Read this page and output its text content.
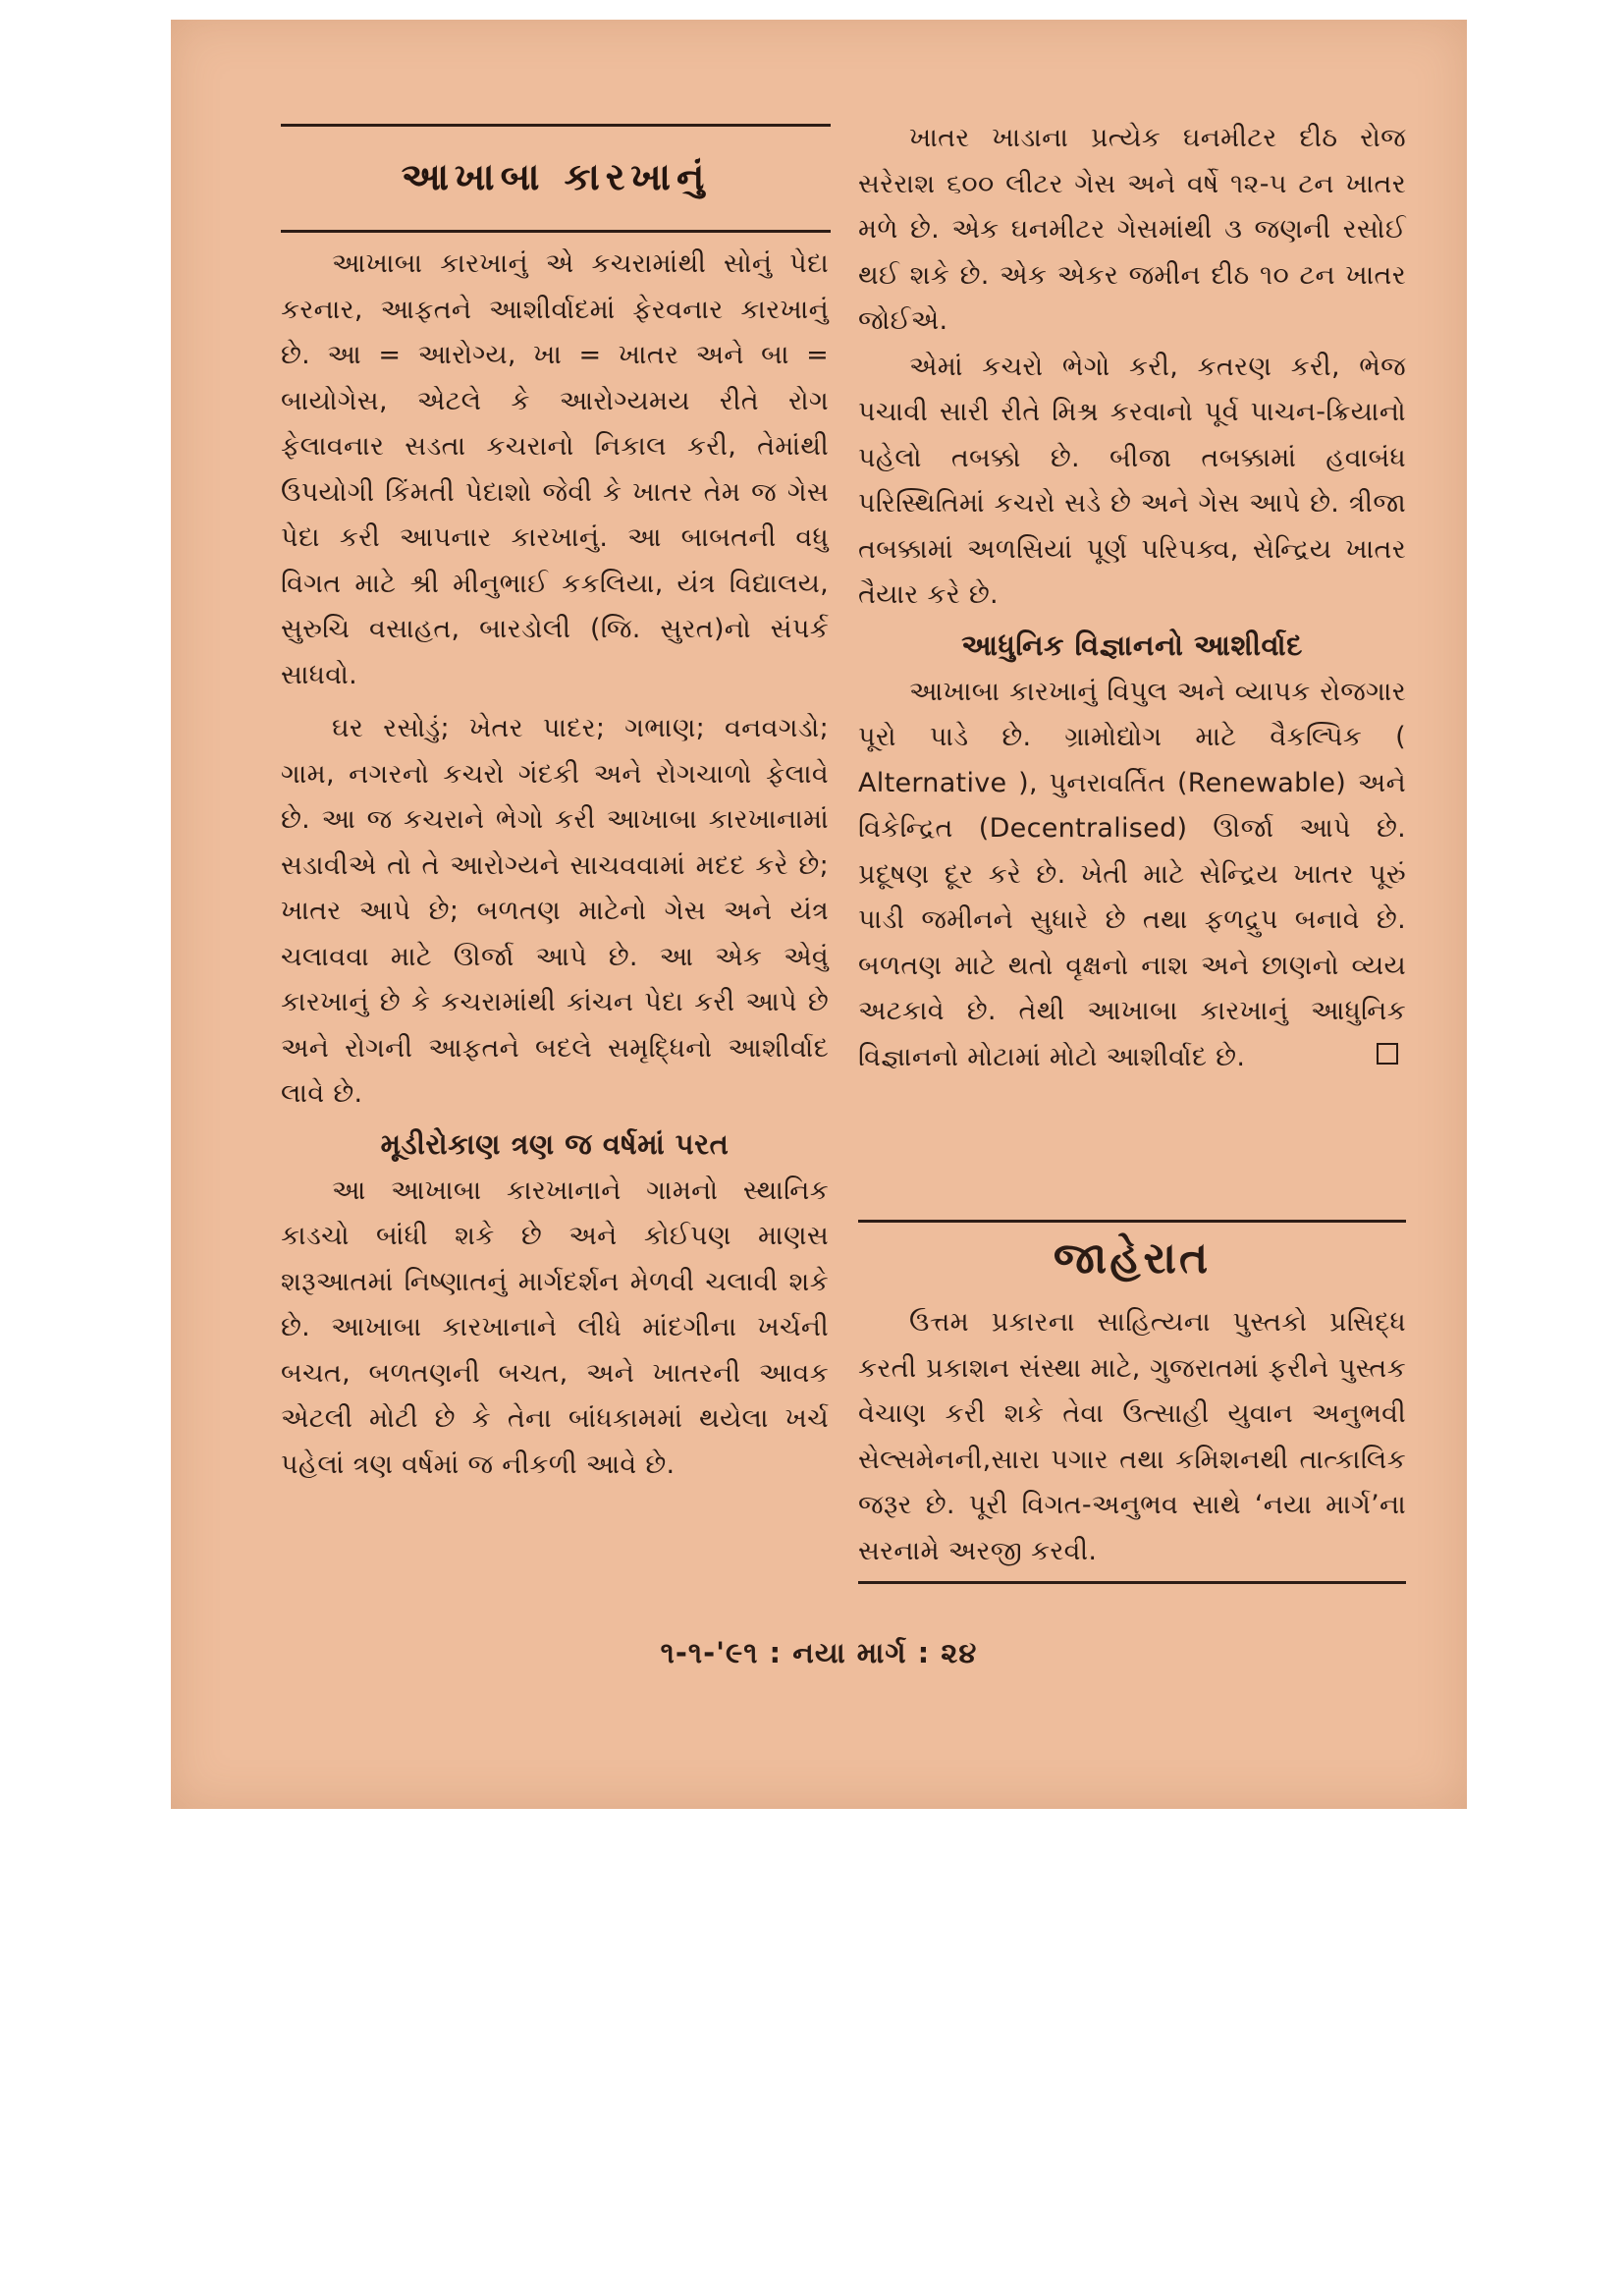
આખાબા કારખાનું

આખાબા કારખાનું એ કચરામાંથી સોનું પેદા કરનાર, આફતને આશીર્વાદમાં ફેરવનાર કારખાનું છે. આ = આરોગ્ય, ખા = ખાતર અને બા = બાયોગેસ, એટલે કે આરોગ્યમય રીતે રોગ ફેલાવનાર સડતા કચરાનો નિકાલ કરી, તેમાંથી ઉપયોગી કિંમતી પેદાશો જેવી કે ખાતર તેમ જ ગેસ પેદા કરી આપનાર કારખાનું. આ બાબતની વધુ વિગત માટે શ્રી મીનુભાઈ કકલિયા, યંત્ર વિદ્યાલય, સુરુચિ વસાહત, બારડોલી (જિ. સુરત)નો સંપર્ક સાધવો.

ઘર રસોડું; ખેતર પાદર; ગભાણ; વનવગડો; ગામ, નગરનો કચરો ગંદકી અને રોગચાળો ફેલાવે છે. આ જ કચરાને ભેગો કરી આખાબા કારખાનામાં સડાવીએ તો તે આરોગ્યને સાચવવામાં મદદ કરે છે; ખાતર આપે છે; બળતણ માટેનો ગેસ અને યંત્ર ચલાવવા માટે ઊર્જા આપે છે. આ એક એવું કારખાનું છે કે કચરામાંથી કાંચન પેદા કરી આપે છે અને રોગની આફતને બદલે સમૃદ્ધિનો આશીર્વાદ લાવે છે.

મૂડીરોકાણ ત્રણ જ વર્ષમાં પરત

આ આખાબા કારખાનાને ગામનો સ્થાનિક કાડચો બાંધી શકે છે અને કોઈપણ માણસ શરૂઆતમાં નિષ્ણાતનું માર્ગદર્શન મેળવી ચલાવી શકે છે. આખાબા કારખાનાને લીધે માંદગીના ખર્ચની બચત, બળતણની બચત, અને ખાતરની આવક એટલી મોટી છે કે તેના બાંધકામમાં થયેલા ખર્ચ પહેલાં ત્રણ વર્ષમાં જ નીકળી આવે છે.

ખાતર ખાડાના પ્રત્યેક ઘનમીટર દીઠ રોજ સરેરાશ ૬૦૦ લીટર ગેસ અને વર્ષે ૧૨-૫ ટન ખાતર મળે છે. એક ઘનમીટર ગેસમાંથી ૩ જણની રસોઈ થઈ શકે છે. એક એકર જમીન દીઠ ૧૦ ટન ખાતર જોઈએ.

એમાં કચરો ભેગો કરી, કતરણ કરી, ભેજ પચાવી સારી રીતે મિશ્ર કરવાનો પૂર્વ પાચન-ક્રિયાનો પહેલો તબક્કો છે. બીજા તબક્કામાં હવાબંધ પરિસ્થિતિમાં કચરો સડે છે અને ગેસ આપે છે. ત્રીજા તબક્કામાં અળસિયાં પૂર્ણ પરિપક્વ, સેન્દ્રિય ખાતર તૈયાર કરે છે.

આધુનિક વિજ્ઞાનનો આશીર્વાદ

આખાબા કારખાનું વિપુલ અને વ્યાપક રોજગાર પૂરો પાડે છે. ગ્રામોદ્યોગ માટે વૈકલ્પિક ( Alternative ), પુનરાવર્તિત (Renewable) અને વિકેન્દ્રિત (Decentralised) ઊર્જા આપે છે. પ્રદૂષણ દૂર કરે છે. ખેતી માટે સેન્દ્રિય ખાતર પૂરું પાડી જમીનને સુધારે છે તથા ફળદ્રુપ બનાવે છે. બળતણ માટે થતો વૃક્ષનો નાશ અને છાણનો વ્યય અટકાવે છે. તેથી આખાબા કારખાનું આધુનિક વિજ્ઞાનનો મોટામાં મોટો આશીર્વાદ છે.

જાહેરાત

ઉત્તમ પ્રકારના સાહિત્યના પુસ્તકો પ્રસિદ્ધ કરતી પ્રકાશન સંસ્થા માટે, ગુજરાતમાં ફરીને પુસ્તક વેચાણ કરી શકે તેવા ઉત્સાહી યુવાન અનુભવી સેલ્સમેનની,સારા પગાર તથા કમિશનથી તાત્કાલિક જરૂર છે. પૂરી વિગત-અનુભવ સાથે ‘નયા માર્ગ’ના સરનામે અરજી કરવી.

૧-૧-'૯૧ : નયા માર્ગ : ૨૪
